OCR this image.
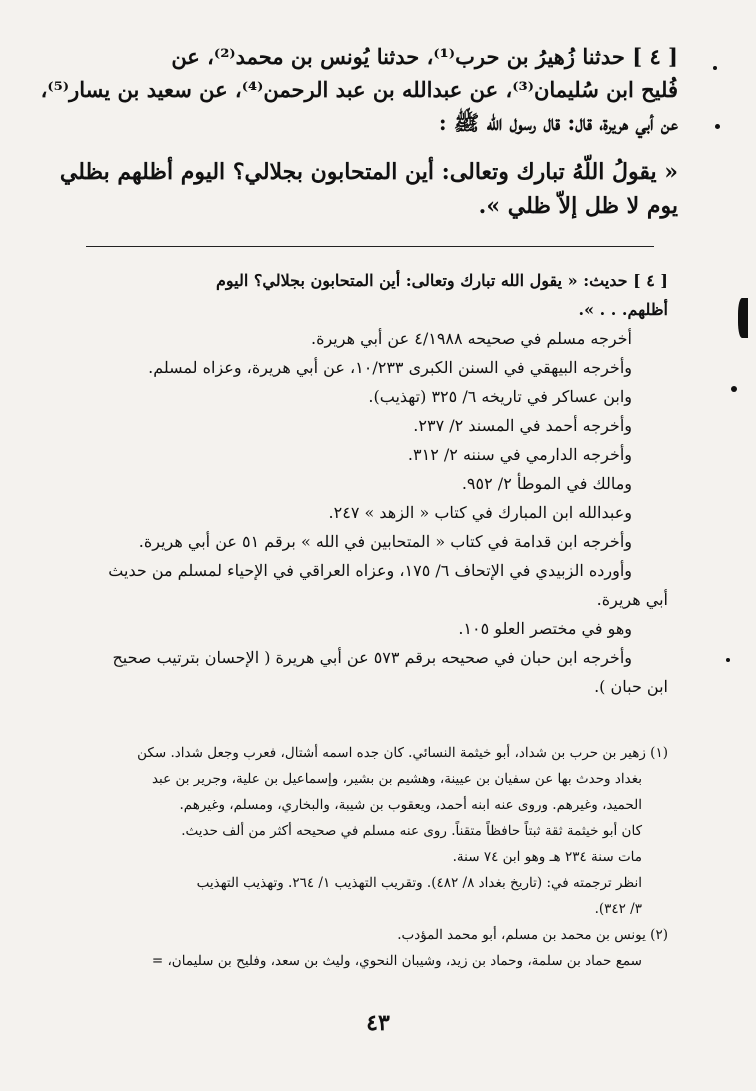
[ ٤ ] حدثنا زُهيرُ بن حرب⁽¹⁾، حدثنا يُونس بن محمد⁽²⁾، عن
فُليح ابن سُليمان⁽³⁾، عن عبدالله بن عبد الرحمن⁽⁴⁾، عن سعيد بن يسار⁽⁵⁾،
عن أبي هريرة، قال: قال رسول الله ﷺ :
« يقولُ اللّهُ تبارك وتعالى: أين المتحابون بجلالي؟ اليوم أظلهم بظلي
يوم لا ظل إلاّ ظلي ».
[ ٤ ] حديث: « يقول الله تبارك وتعالى: أين المتحابون بجلالي؟ اليوم
أظلهم. . . ».
أخرجه مسلم في صحيحه ٤/١٩٨٨ عن أبي هريرة.
وأخرجه البيهقي في السنن الكبرى ١٠/٢٣٣، عن أبي هريرة، وعزاه لمسلم.
وابن عساكر في تاريخه ٦/ ٣٢٥ (تهذيب).
وأخرجه أحمد في المسند ٢/ ٢٣٧.
وأخرجه الدارمي في سننه ٢/ ٣١٢.
ومالك في الموطأ ٢/ ٩٥٢.
وعبدالله ابن المبارك في كتاب « الزهد » ٢٤٧.
وأخرجه ابن قدامة في كتاب « المتحابين في الله » برقم ٥١ عن أبي هريرة.
وأورده الزبيدي في الإتحاف ٦/ ١٧٥، وعزاه العراقي في الإحياء لمسلم من حديث
أبي هريرة.
وهو في مختصر العلو ١٠٥.
وأخرجه ابن حبان في صحيحه برقم ٥٧٣ عن أبي هريرة ( الإحسان بترتيب صحيح
ابن حبان ).
(١) زهير بن حرب بن شداد، أبو خيثمة النسائي. كان جده اسمه أشتال، فعرب وجعل شداد. سكن
بغداد وحدث بها عن سفيان بن عيينة، وهشيم بن بشير، وإسماعيل بن علية، وجرير بن عبد
الحميد، وغيرهم. وروى عنه ابنه أحمد، ويعقوب بن شيبة، والبخاري، ومسلم، وغيرهم.
كان أبو خيثمة ثقة ثبتاً حافظاً متقناً. روى عنه مسلم في صحيحه أكثر من ألف حديث.
مات سنة ٢٣٤ هـ وهو ابن ٧٤ سنة.
انظر ترجمته في: (تاريخ بغداد ٨/ ٤٨٢). وتقريب التهذيب ١/ ٢٦٤. وتهذيب التهذيب
٣/ ٣٤٢).
(٢) يونس بن محمد بن مسلم، أبو محمد المؤدب.
سمع حماد بن سلمة، وحماد بن زيد، وشيبان النحوي، وليث بن سعد، وفليح بن سليمان، =
٤٣
